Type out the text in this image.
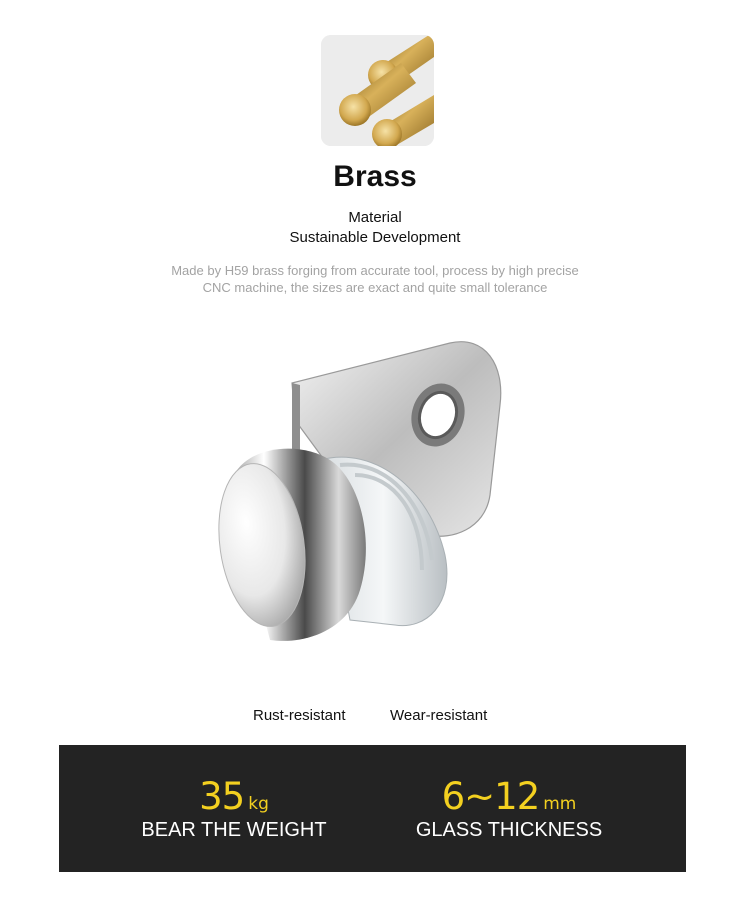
Brass
Material
Sustainable Development
Made by H59 brass forging from accurate tool, process by high precise
CNC machine, the sizes are exact and quite small tolerance
Rust-resistant	Wear-resistant
35 kg
BEAR THE WEIGHT
6~12 mm
GLASS THICKNESS
